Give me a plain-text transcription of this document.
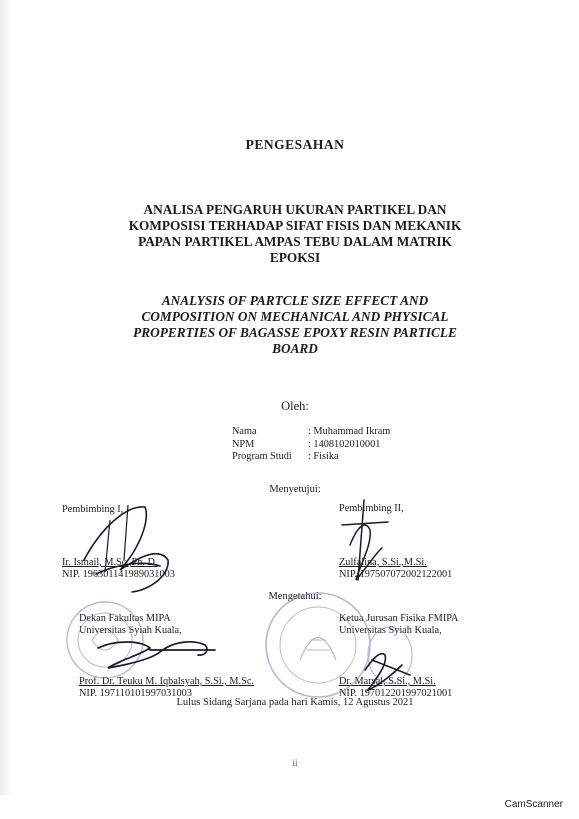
PENGESAHAN
ANALISA PENGARUH UKURAN PARTIKEL DAN
KOMPOSISI TERHADAP SIFAT FISIS DAN MEKANIK
PAPAN PARTIKEL AMPAS TEBU DALAM MATRIK
EPOKSI
ANALYSIS OF PARTCLE SIZE EFFECT AND
COMPOSITION ON MECHANICAL AND PHYSICAL
PROPERTIES OF BAGASSE EPOXY RESIN PARTICLE
BOARD
Oleh:
Nama	: Muhammad Ikram
NPM	: 1408102010001
Program Studi	: Fisika
Menyetujui:
Pembimbing I,
Ir. Ismail, M.Sc.,Ph. D.
NIP. 196301141989031003
Pembimbing II,
Zulfalina, S.Si.,M.Si.
NIP. 197507072002122001
Mengetahui:
Dekan Fakultas MIPA
Universitas Syiah Kuala,
Prof. Dr. Teuku M. Iqbalsyah, S.Si., M.Sc.
NIP. 197110101997031003
Ketua Jurusan Fisika FMIPA
Universitas Syiah Kuala,
Dr. Marsal, S.Si., M.Si.
NIP. 197012201997021001
Lulus Sidang Sarjana pada hari Kamis, 12 Agustus 2021
ii
CamScanner
